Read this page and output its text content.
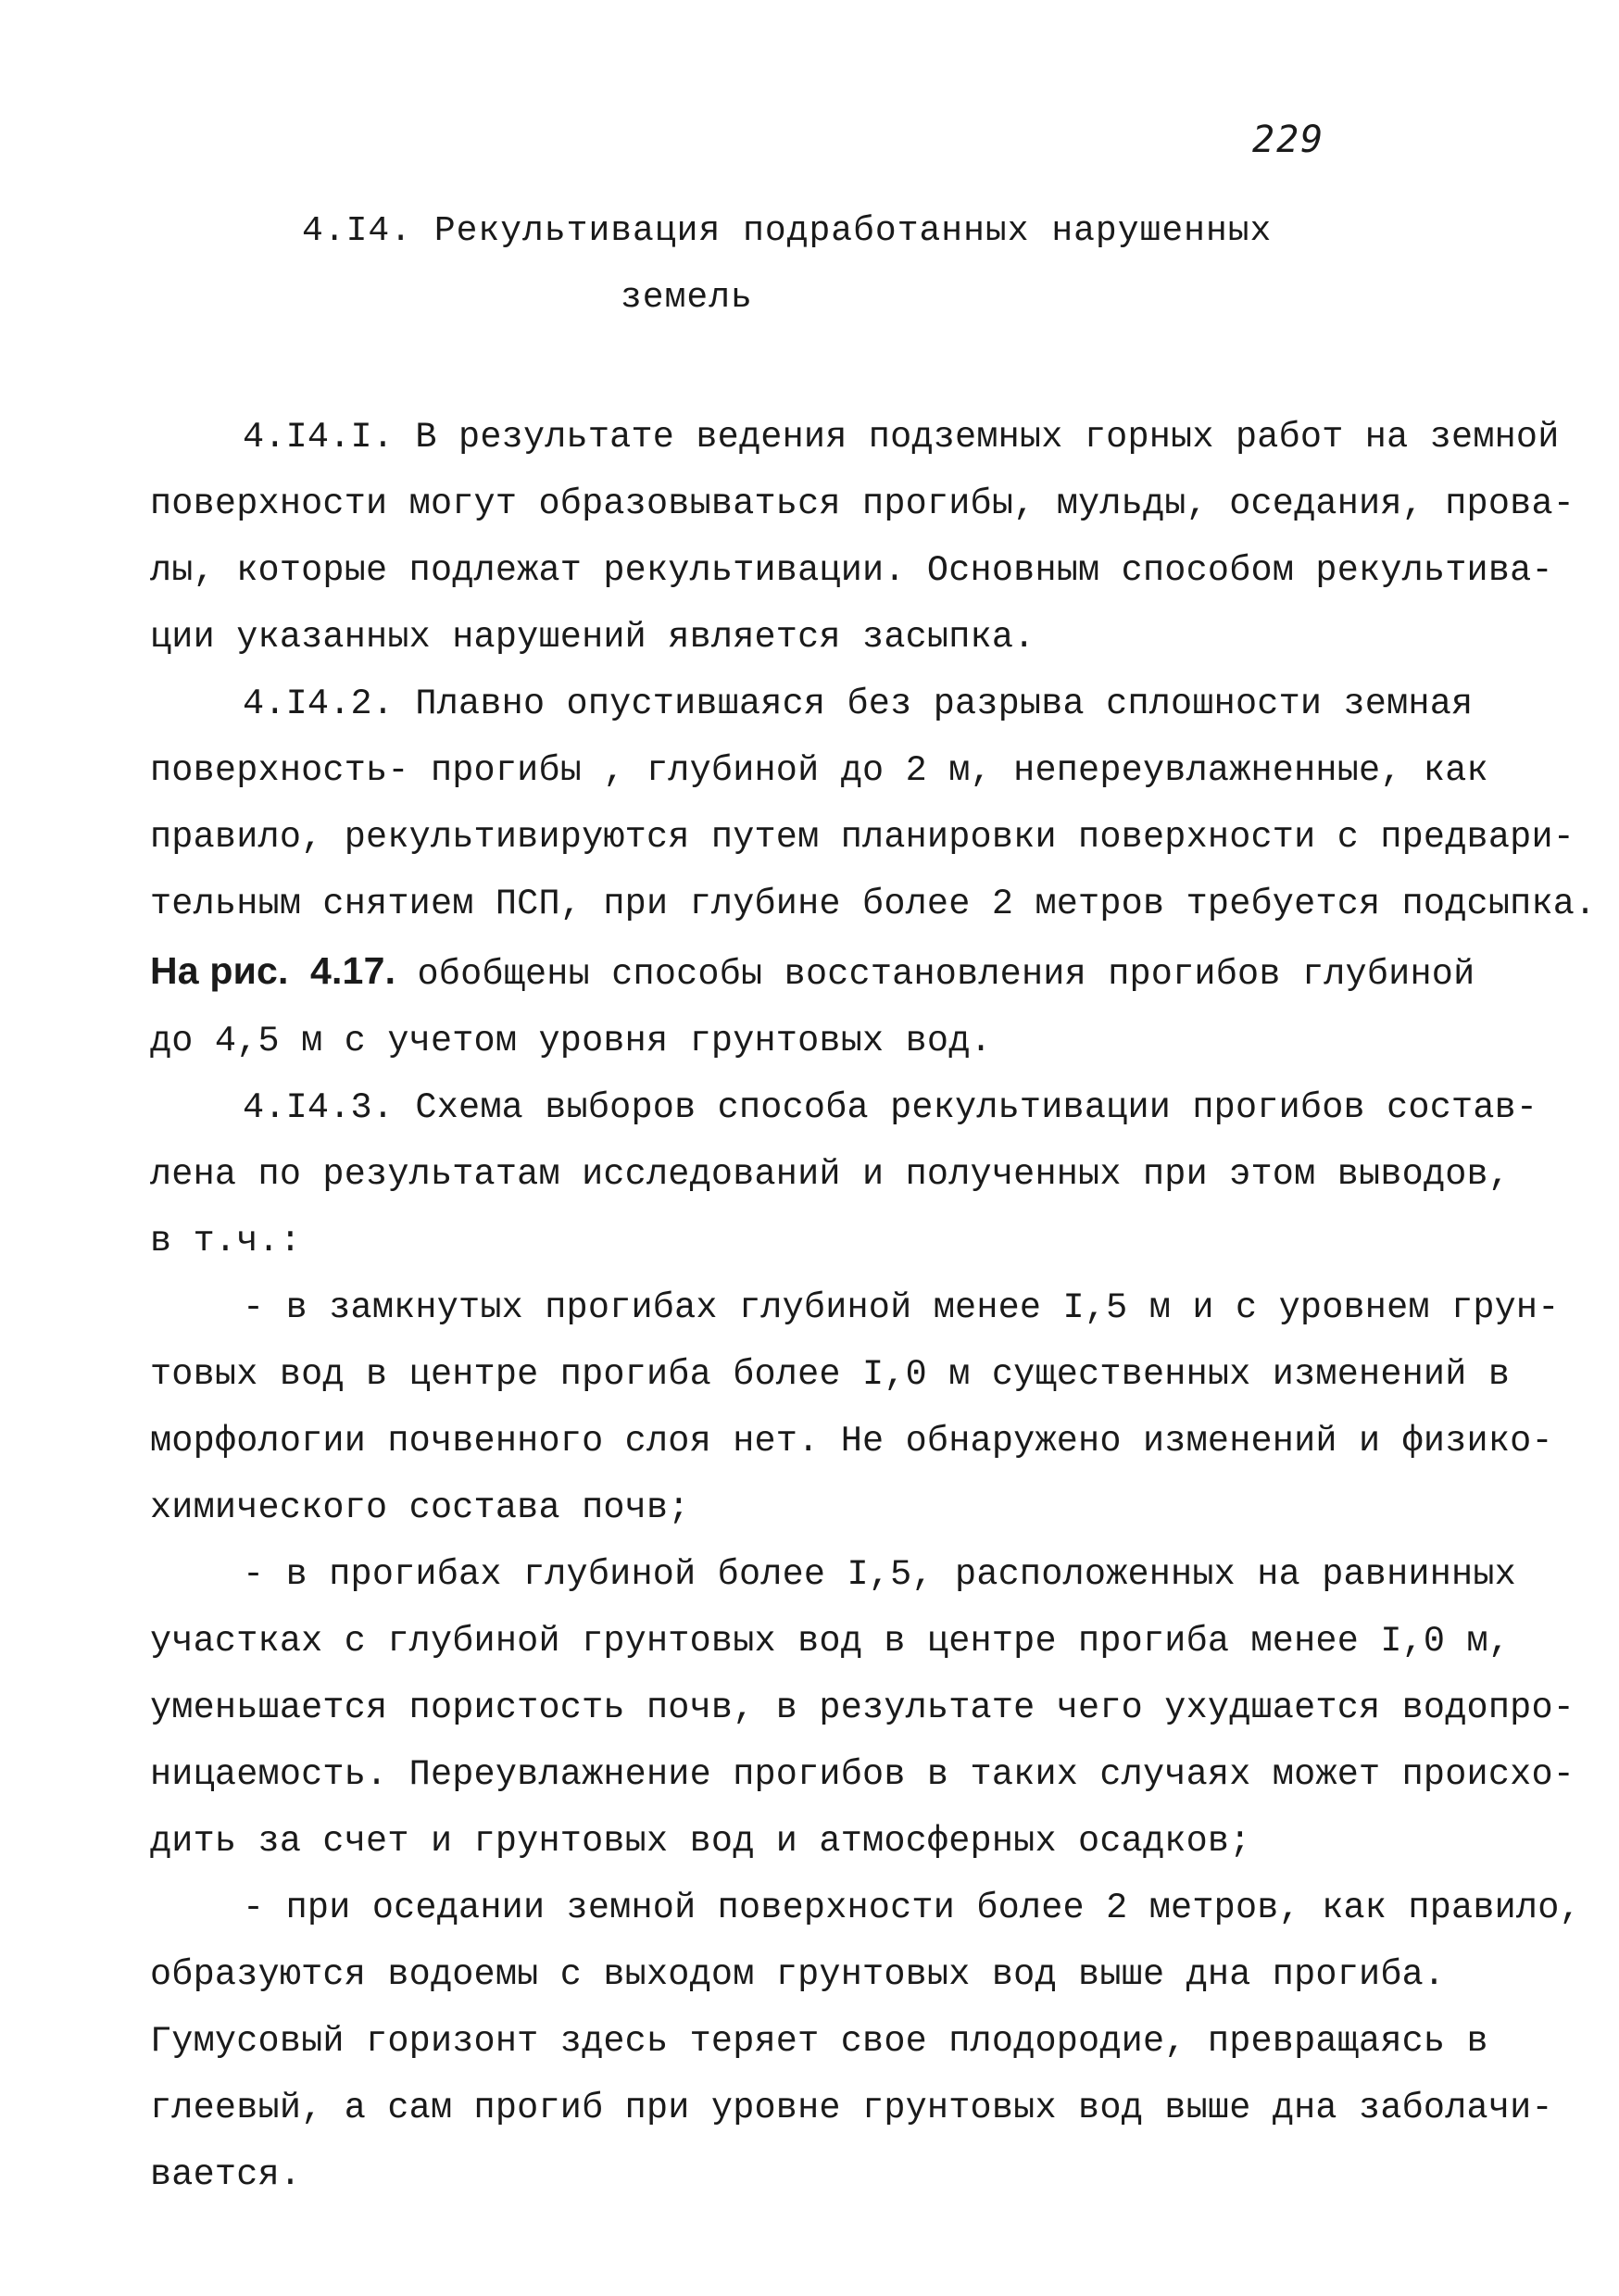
229
4.I4. Рекультивация подработанных нарушенных
земель
4.I4.I. В результате ведения подземных горных работ на земной
поверхности могут образовываться прогибы, мульды, оседания, прова-
лы, которые подлежат рекультивации. Основным способом рекультива-
ции указанных нарушений является засыпка.
4.I4.2. Плавно опустившаяся без разрыва сплошности земная
поверхность- прогибы , глубиной до 2 м, непереувлажненные, как
правило, рекультивируются путем планировки поверхности с предвари-
тельным снятием ПСП, при глубине более 2 метров требуется подсыпка.
На рис. 4.17. обобщены способы восстановления прогибов глубиной
до 4,5 м с учетом уровня грунтовых вод.
4.I4.3. Схема выборов способа рекультивации прогибов состав-
лена по результатам исследований и полученных при этом выводов,
в т.ч.:
- в замкнутых прогибах глубиной менее I,5 м и с уровнем грун-
товых вод в центре прогиба более I,0 м существенных изменений в
морфологии почвенного слоя нет. Не обнаружено изменений и физико-
химического состава почв;
- в прогибах глубиной более I,5, расположенных на равнинных
участках с глубиной грунтовых вод в центре прогиба менее I,0 м,
уменьшается пористость почв, в результате чего ухудшается водопро-
ницаемость. Переувлажнение прогибов в таких случаях может происхо-
дить за счет и грунтовых вод и атмосферных осадков;
- при оседании земной поверхности более 2 метров, как правило,
образуются водоемы с выходом грунтовых вод выше дна прогиба.
Гумусовый горизонт здесь теряет свое плодородие, превращаясь в
глеевый, а сам прогиб при уровне грунтовых вод выше дна заболачи-
вается.
